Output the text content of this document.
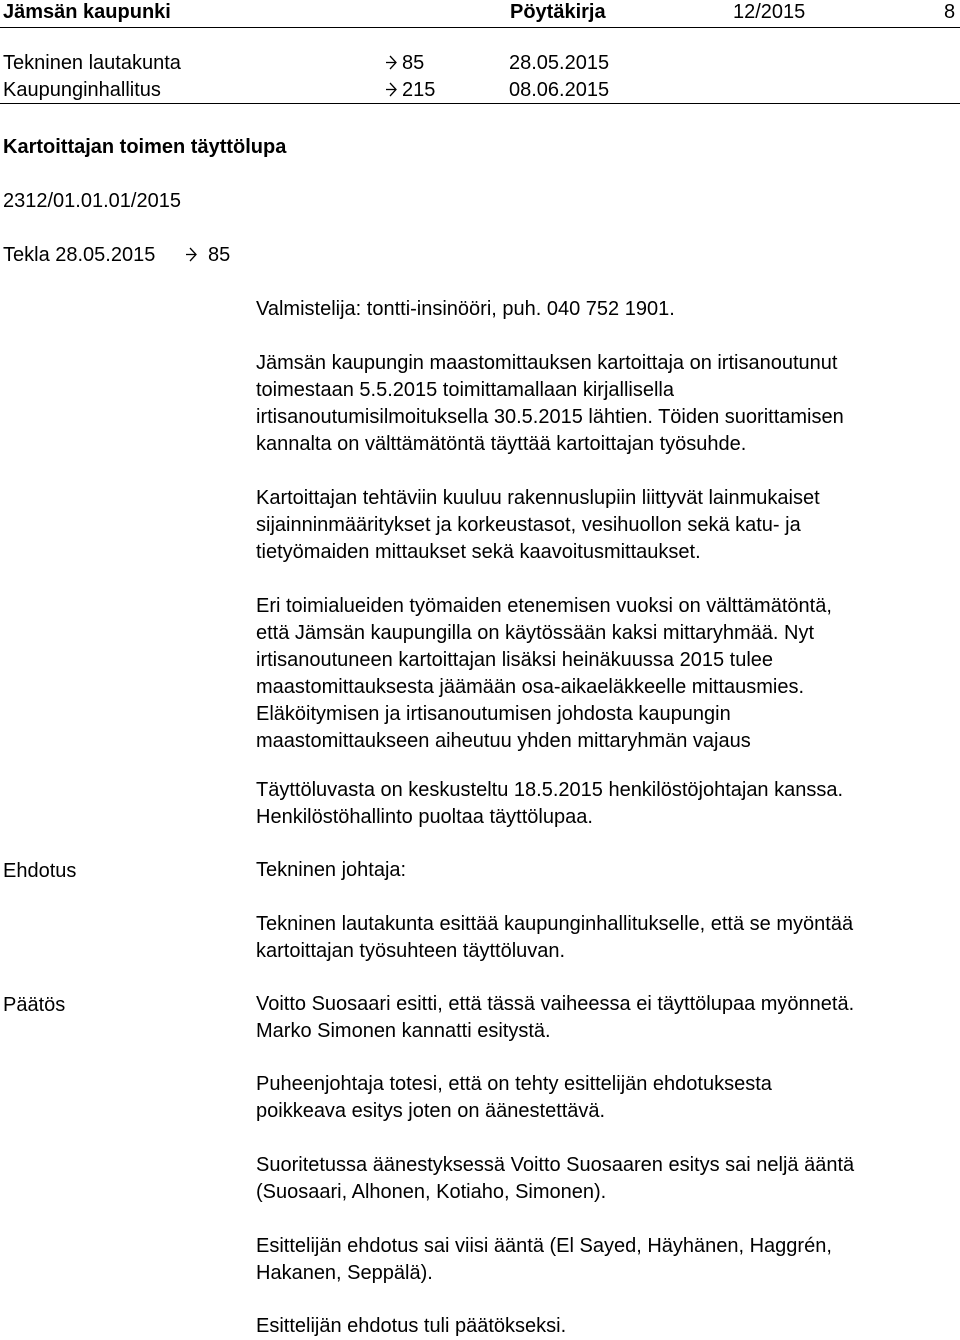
Jämsän kaupunki	Pöytäkirja	12/2015	8
Tekninen lautakunta	85	28.05.2015
Kaupunginhallitus	215	08.06.2015
Kartoittajan toimen täyttölupa
2312/01.01.01/2015
Tekla 28.05.2015	85

Valmistelija: tontti-insinööri, puh. 040 752 1901.

Jämsän kaupungin maastomittauksen kartoittaja on irtisanoutunut

toimestaan 5.5.2015 toimittamallaan kirjallisella

irtisanoutumisilmoituksella 30.5.2015 lähtien. Töiden suorittamisen

kannalta on välttämätöntä täyttää kartoittajan työsuhde.

Kartoittajan tehtäviin kuuluu rakennuslupiin liittyvät lainmukaiset

sijainninmääritykset ja korkeustasot, vesihuollon sekä katu- ja

tietyömaiden mittaukset sekä kaavoitusmittaukset.

Eri toimialueiden työmaiden etenemisen vuoksi on välttämätöntä,

että Jämsän kaupungilla on käytössään kaksi mittaryhmää. Nyt

irtisanoutuneen kartoittajan lisäksi heinäkuussa 2015 tulee

maastomittauksesta jäämään osa-aikaeläkkeelle mittausmies.

Eläköitymisen ja irtisanoutumisen johdosta kaupungin

maastomittaukseen aiheutuu yhden mittaryhmän vajaus

Täyttöluvasta on keskusteltu 18.5.2015 henkilöstöjohtajan kanssa.

Henkilöstöhallinto puoltaa täyttölupaa.

Ehdotus	Tekninen johtaja:

Tekninen lautakunta esittää kaupunginhallitukselle, että se myöntää

kartoittajan työsuhteen täyttöluvan.

Päätös	Voitto Suosaari esitti, että tässä vaiheessa ei täyttölupaa myönnetä.

Marko Simonen kannatti esitystä.

Puheenjohtaja totesi, että on tehty esittelijän ehdotuksesta

poikkeava esitys joten on äänestettävä.

Suoritetussa äänestyksessä Voitto Suosaaren esitys sai neljä ääntä

(Suosaari, Alhonen, Kotiaho, Simonen).

Esittelijän ehdotus sai viisi ääntä (El Sayed, Häyhänen, Haggrén,

Hakanen, Seppälä).

Esittelijän ehdotus tuli päätökseksi.
